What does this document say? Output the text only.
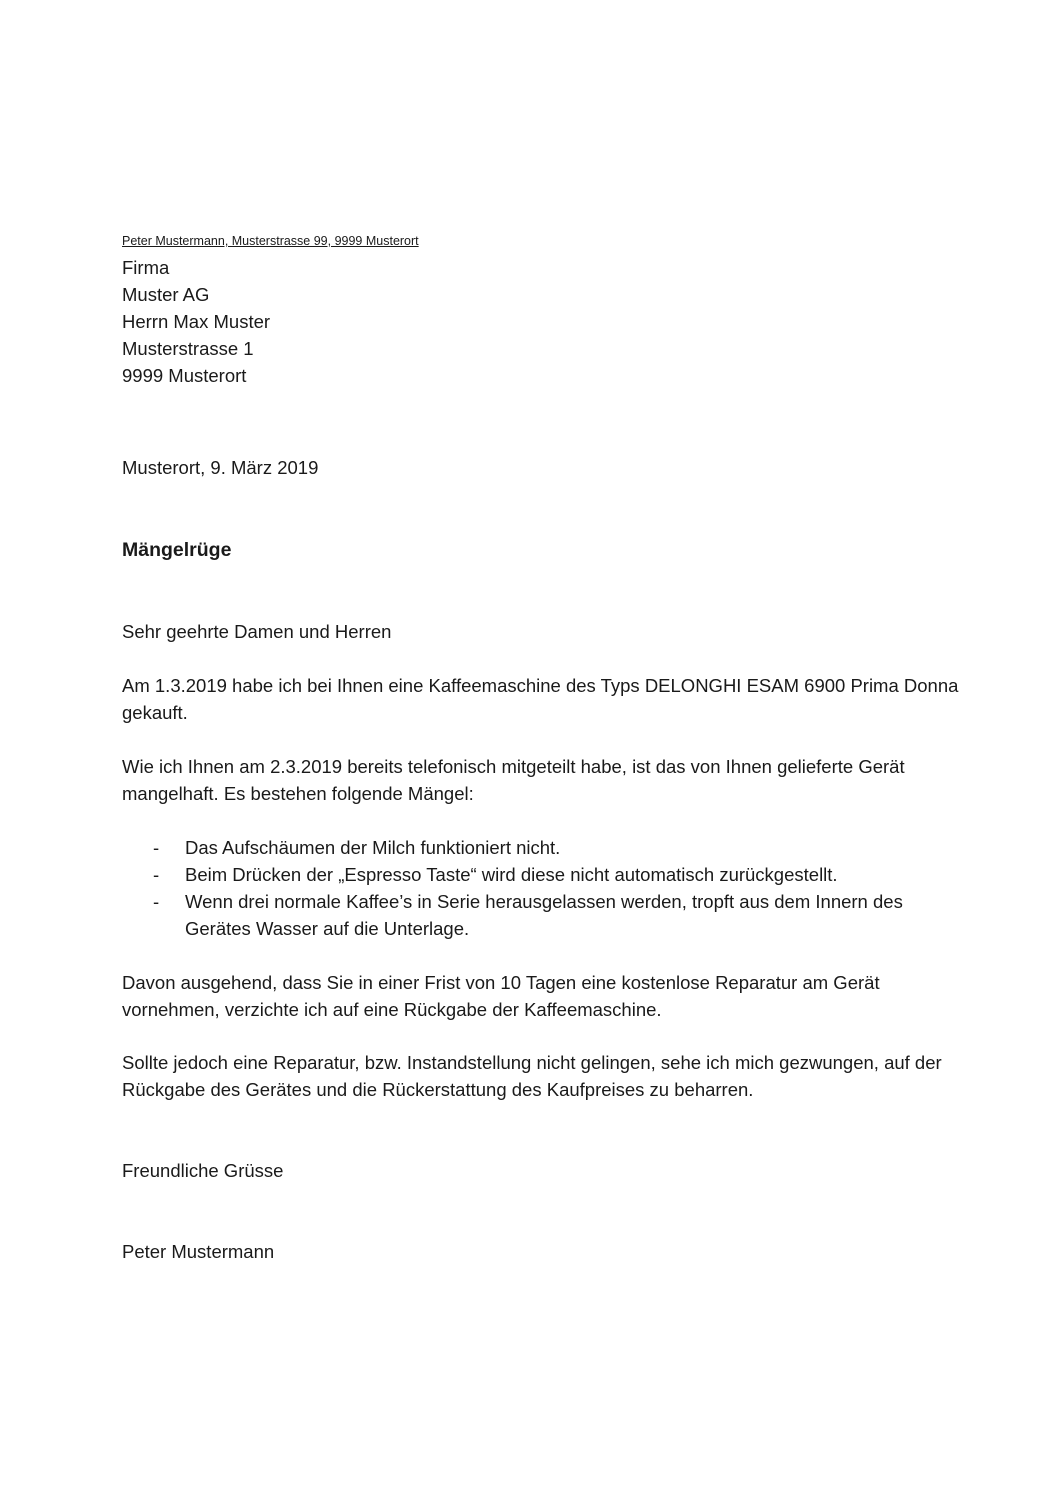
Peter Mustermann, Musterstrasse 99, 9999 Musterort
Firma
Muster AG
Herrn Max Muster
Musterstrasse 1
9999 Musterort
Musterort, 9. März 2019
Mängelrüge
Sehr geehrte Damen und Herren

Am 1.3.2019 habe ich bei Ihnen eine Kaffeemaschine des Typs DELONGHI ESAM 6900 Prima Donna gekauft.

Wie ich Ihnen am 2.3.2019 bereits telefonisch mitgeteilt habe, ist das von Ihnen gelieferte Gerät mangelhaft. Es bestehen folgende Mängel:

- Das Aufschäumen der Milch funktioniert nicht.
- Beim Drücken der „Espresso Taste“ wird diese nicht automatisch zurückgestellt.
- Wenn drei normale Kaffee’s in Serie herausgelassen werden, tropft aus dem Innern des Gerätes Wasser auf die Unterlage.

Davon ausgehend, dass Sie in einer Frist von 10 Tagen eine kostenlose Reparatur am Gerät vornehmen, verzichte ich auf eine Rückgabe der Kaffeemaschine.

Sollte jedoch eine Reparatur, bzw. Instandstellung nicht gelingen, sehe ich mich gezwungen, auf der Rückgabe des Gerätes und die Rückerstattung des Kaufpreises zu beharren.

Freundliche Grüsse
Peter Mustermann
